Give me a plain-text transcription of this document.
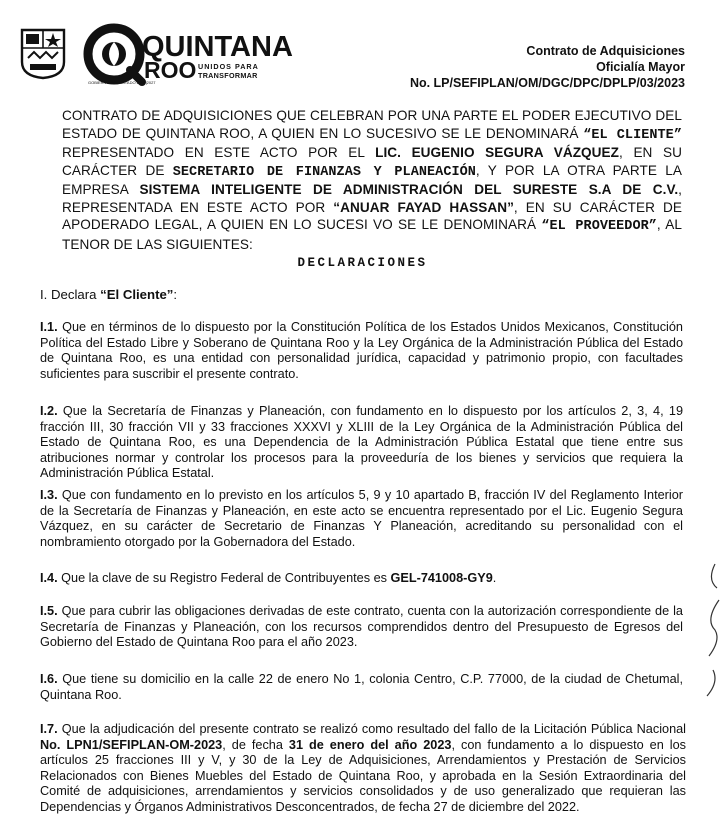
QUINTANA
ROO UNIDOS PARA
TRANSFORMAR
GOBIERNO DEL ESTADO 2022|2027
Contrato de Adquisiciones
Oficialía Mayor
No. LP/SEFIPLAN/OM/DGC/DPC/DPLP/03/2023
CONTRATO DE ADQUISICIONES QUE CELEBRAN POR UNA PARTE EL PODER EJECUTIVO DEL ESTADO DE QUINTANA ROO, A QUIEN EN LO SUCESIVO SE LE DENOMINARÁ “EL CLIENTE” REPRESENTADO EN ESTE ACTO POR EL LIC. EUGENIO SEGURA VÁZQUEZ, EN SU CARÁCTER DE SECRETARIO DE FINANZAS Y PLANEACIÓN, Y POR LA OTRA PARTE LA EMPRESA SISTEMA INTELIGENTE DE ADMINISTRACIÓN DEL SURESTE S.A DE C.V., REPRESENTADA EN ESTE ACTO POR “ANUAR FAYAD HASSAN”, EN SU CARÁCTER DE APODERADO LEGAL, A QUIEN EN LO SUCESI VO SE LE DENOMINARÁ “EL PROVEEDOR”, AL TENOR DE LAS SIGUIENTES:
DECLARACIONES
I. Declara “El Cliente”:
I.1. Que en términos de lo dispuesto por la Constitución Política de los Estados Unidos Mexicanos, Constitución Política del Estado Libre y Soberano de Quintana Roo y la Ley Orgánica de la Administración Pública del Estado de Quintana Roo, es una entidad con personalidad jurídica, capacidad y patrimonio propio, con facultades suficientes para suscribir el presente contrato.
I.2. Que la Secretaría de Finanzas y Planeación, con fundamento en lo dispuesto por los artículos 2, 3, 4, 19 fracción III, 30 fracción VII y 33 fracciones XXXVI y XLIII de la Ley Orgánica de la Administración Pública del Estado de Quintana Roo, es una Dependencia de la Administración Pública Estatal que tiene entre sus atribuciones normar y controlar los procesos para la proveeduría de los bienes y servicios que requiera la Administración Pública Estatal.
I.3. Que con fundamento en lo previsto en los artículos 5, 9 y 10 apartado B, fracción IV del Reglamento Interior de la Secretaría de Finanzas y Planeación, en este acto se encuentra representado por el Lic. Eugenio Segura Vázquez, en su carácter de Secretario de Finanzas Y Planeación, acreditando su personalidad con el nombramiento otorgado por la Gobernadora del Estado.
I.4. Que la clave de su Registro Federal de Contribuyentes es GEL-741008-GY9.
I.5. Que para cubrir las obligaciones derivadas de este contrato, cuenta con la autorización correspondiente de la Secretaría de Finanzas y Planeación, con los recursos comprendidos dentro del Presupuesto de Egresos del Gobierno del Estado de Quintana Roo para el año 2023.
I.6. Que tiene su domicilio en la calle 22 de enero No 1, colonia Centro, C.P. 77000, de la ciudad de Chetumal, Quintana Roo.
I.7. Que la adjudicación del presente contrato se realizó como resultado del fallo de la Licitación Pública Nacional No. LPN1/SEFIPLAN-OM-2023, de fecha 31 de enero del año 2023, con fundamento a lo dispuesto en los artículos 25 fracciones III y V, y 30 de la Ley de Adquisiciones, Arrendamientos y Prestación de Servicios Relacionados con Bienes Muebles del Estado de Quintana Roo, y aprobada en la Sesión Extraordinaria del Comité de adquisiciones, arrendamientos y servicios consolidados y de uso generalizado que requieran las Dependencias y Órganos Administrativos Desconcentrados, de fecha 27 de diciembre del 2022.
